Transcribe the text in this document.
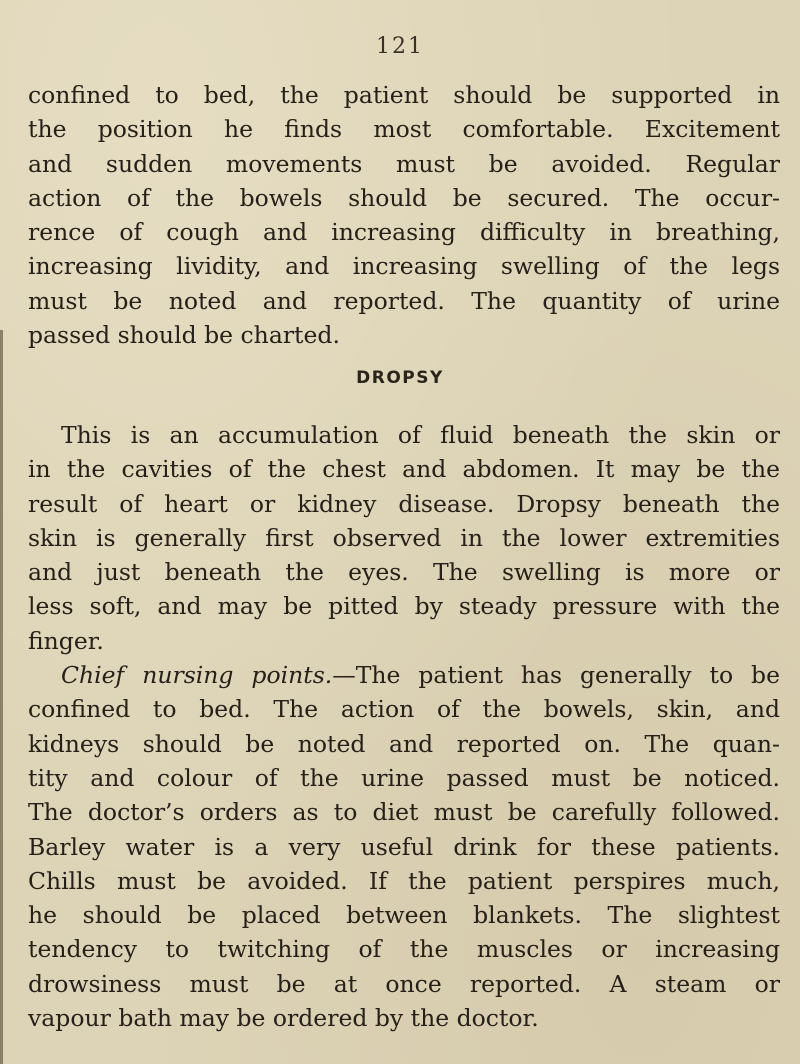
121
confined to bed, the patient should be supported in
the position he finds most comfortable. Excitement
and sudden movements must be avoided. Regular
action of the bowels should be secured. The occur-
rence of cough and increasing difficulty in breathing,
increasing lividity, and increasing swelling of the legs
must be noted and reported. The quantity of urine
passed should be charted.
DROPSY
This is an accumulation of fluid beneath the skin or
in the cavities of the chest and abdomen. It may be the
result of heart or kidney disease. Dropsy beneath the
skin is generally first observed in the lower extremities
and just beneath the eyes. The swelling is more or
less soft, and may be pitted by steady pressure with the
finger.
Chief nursing points.—The patient has generally to be
confined to bed. The action of the bowels, skin, and
kidneys should be noted and reported on. The quan-
tity and colour of the urine passed must be noticed.
The doctor’s orders as to diet must be carefully followed.
Barley water is a very useful drink for these patients.
Chills must be avoided. If the patient perspires much,
he should be placed between blankets. The slightest
tendency to twitching of the muscles or increasing
drowsiness must be at once reported. A steam or
vapour bath may be ordered by the doctor.
